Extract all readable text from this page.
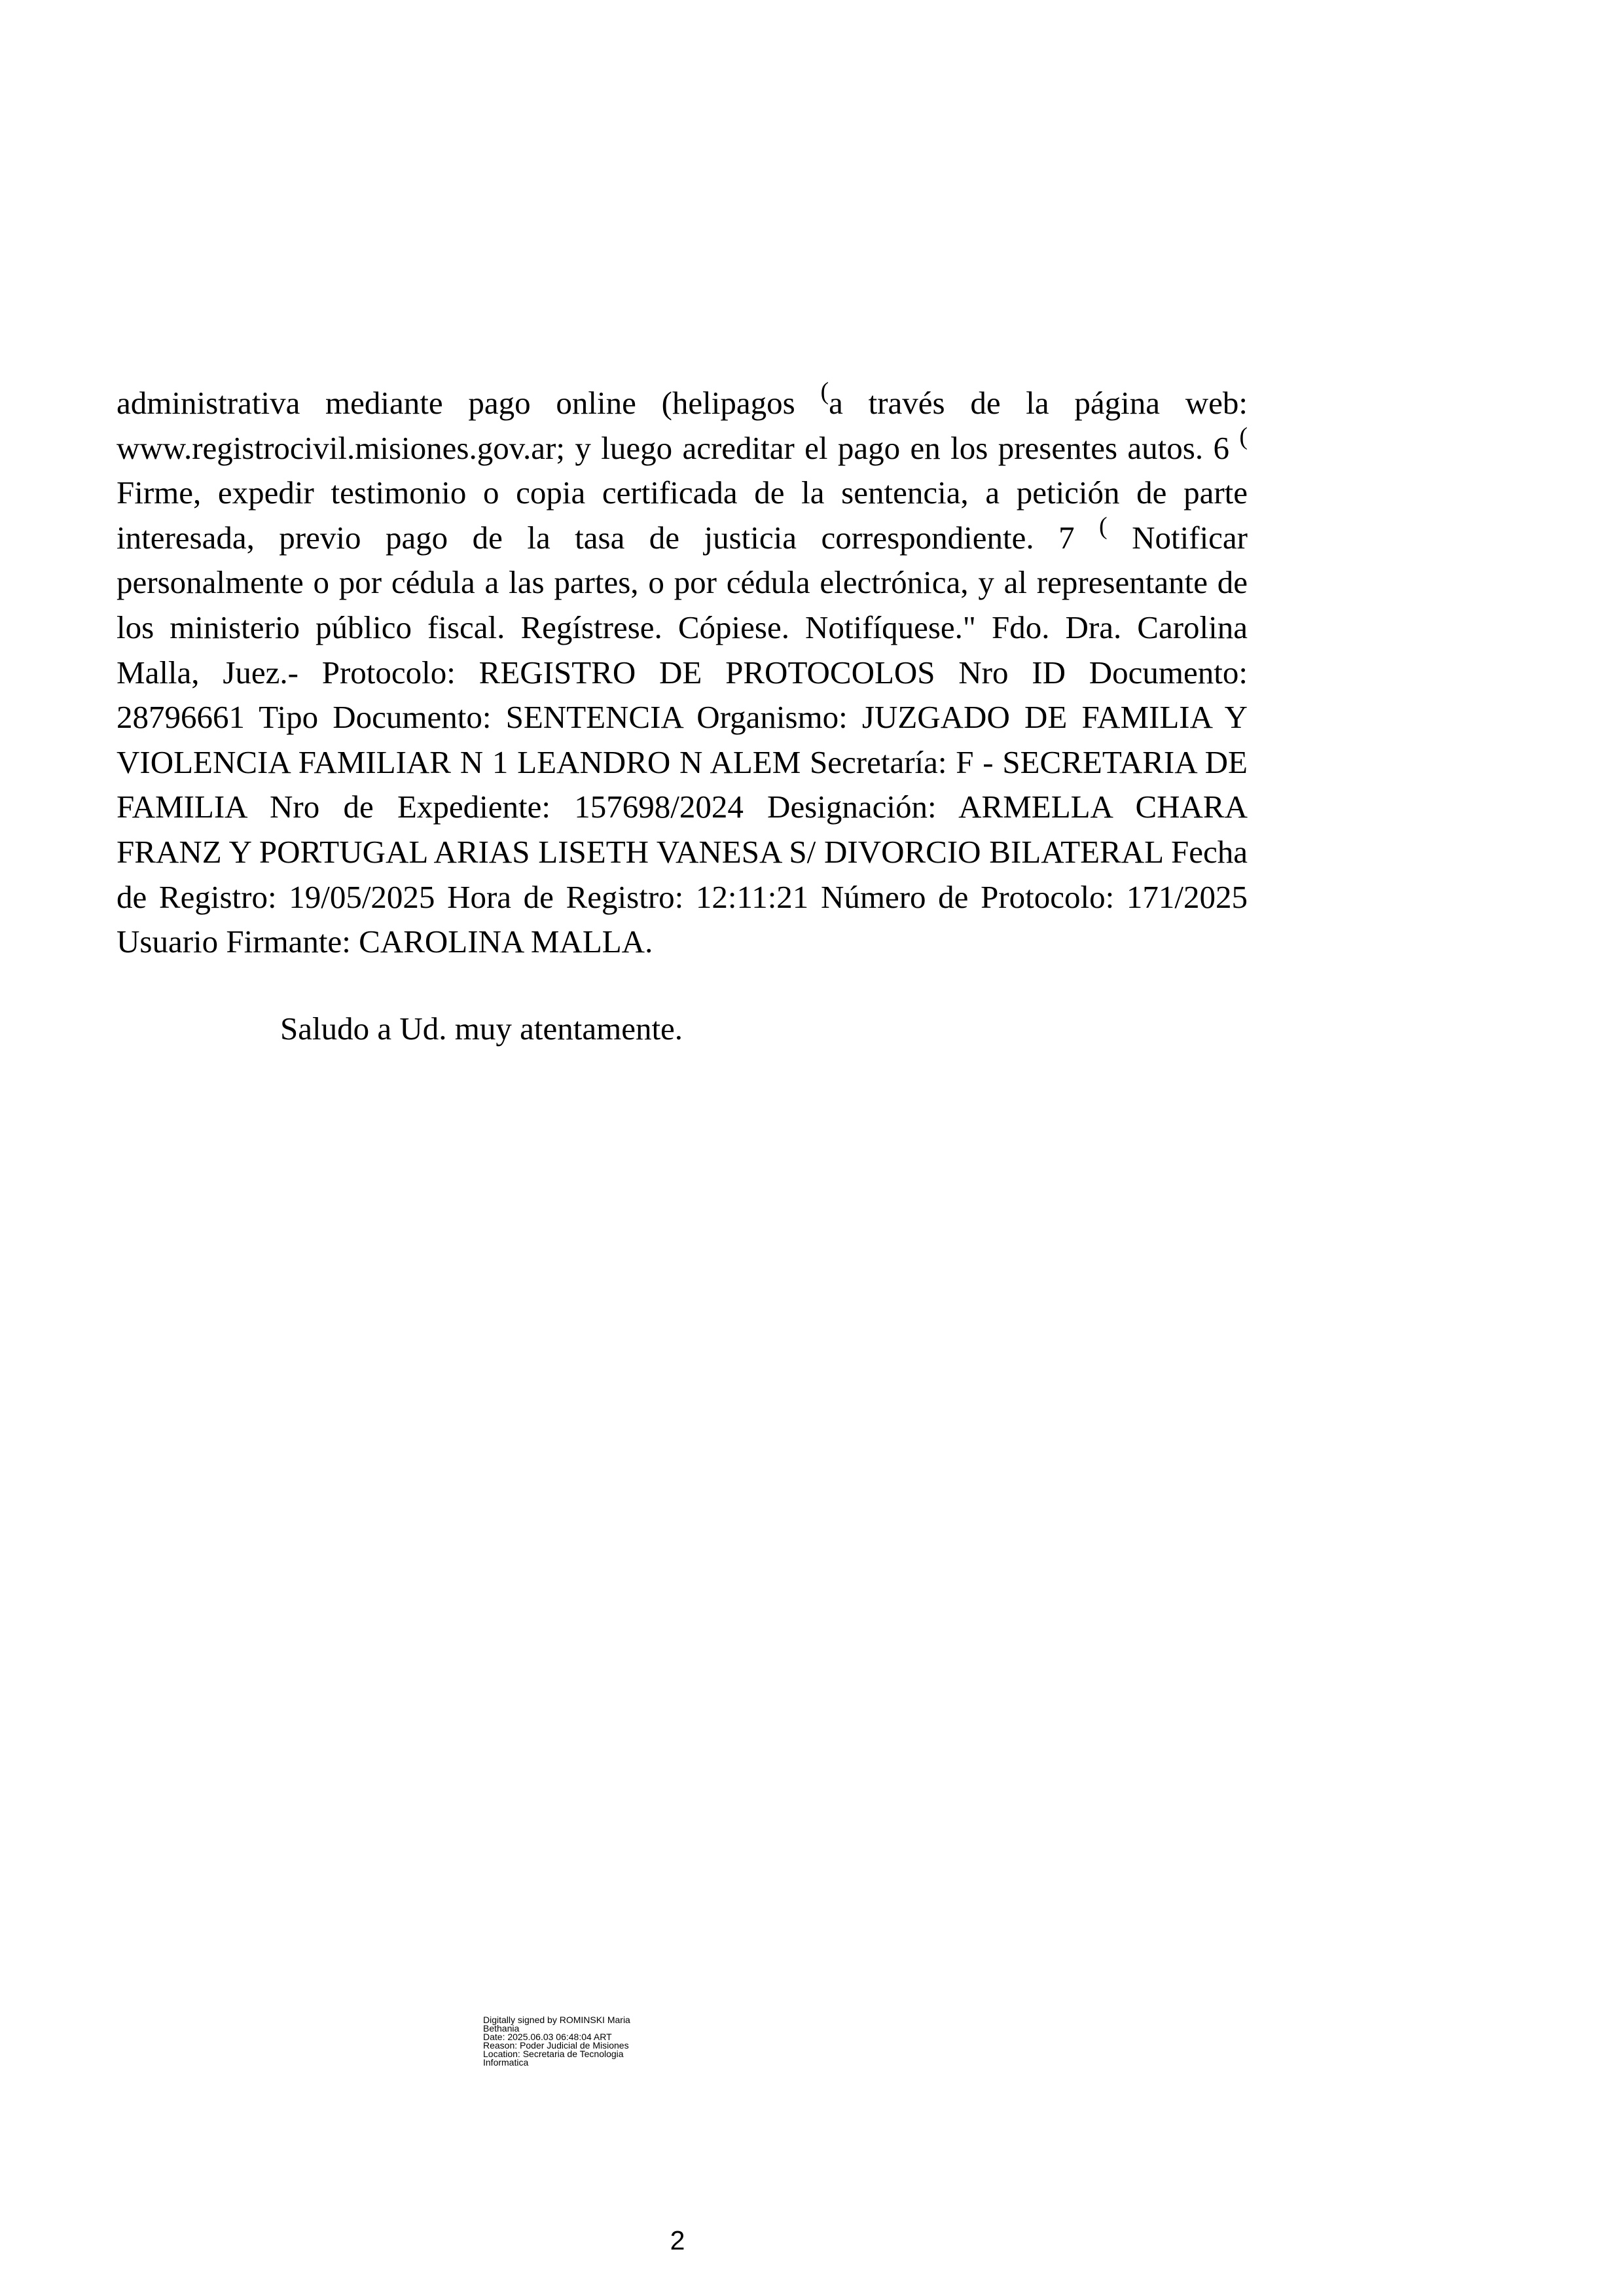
administrativa mediante pago online (helipagos (a través de la página web: www.registrocivil.misiones.gov.ar; y luego acreditar el pago en los presentes autos. 6 ( Firme, expedir testimonio o copia certificada de la sentencia, a petición de parte interesada, previo pago de la tasa de justicia correspondiente. 7 ( Notificar personalmente o por cédula a las partes, o por cédula electrónica, y al representante de los ministerio público fiscal. Regístrese. Cópiese. Notifíquese." Fdo. Dra. Carolina Malla, Juez.- Protocolo: REGISTRO DE PROTOCOLOS Nro ID Documento: 28796661 Tipo Documento: SENTENCIA Organismo: JUZGADO DE FAMILIA Y VIOLENCIA FAMILIAR N 1 LEANDRO N ALEM Secretaría: F - SECRETARIA DE FAMILIA Nro de Expediente: 157698/2024 Designación: ARMELLA CHARA FRANZ Y PORTUGAL ARIAS LISETH VANESA S/ DIVORCIO BILATERAL Fecha de Registro: 19/05/2025 Hora de Registro: 12:11:21 Número de Protocolo: 171/2025 Usuario Firmante: CAROLINA MALLA.

Saludo a Ud. muy atentamente.

Digitally signed by ROMINSKI Maria
Bethania
Date: 2025.06.03 06:48:04 ART
Reason: Poder Judicial de Misiones
Location: Secretaria de Tecnologia
Informatica
2
